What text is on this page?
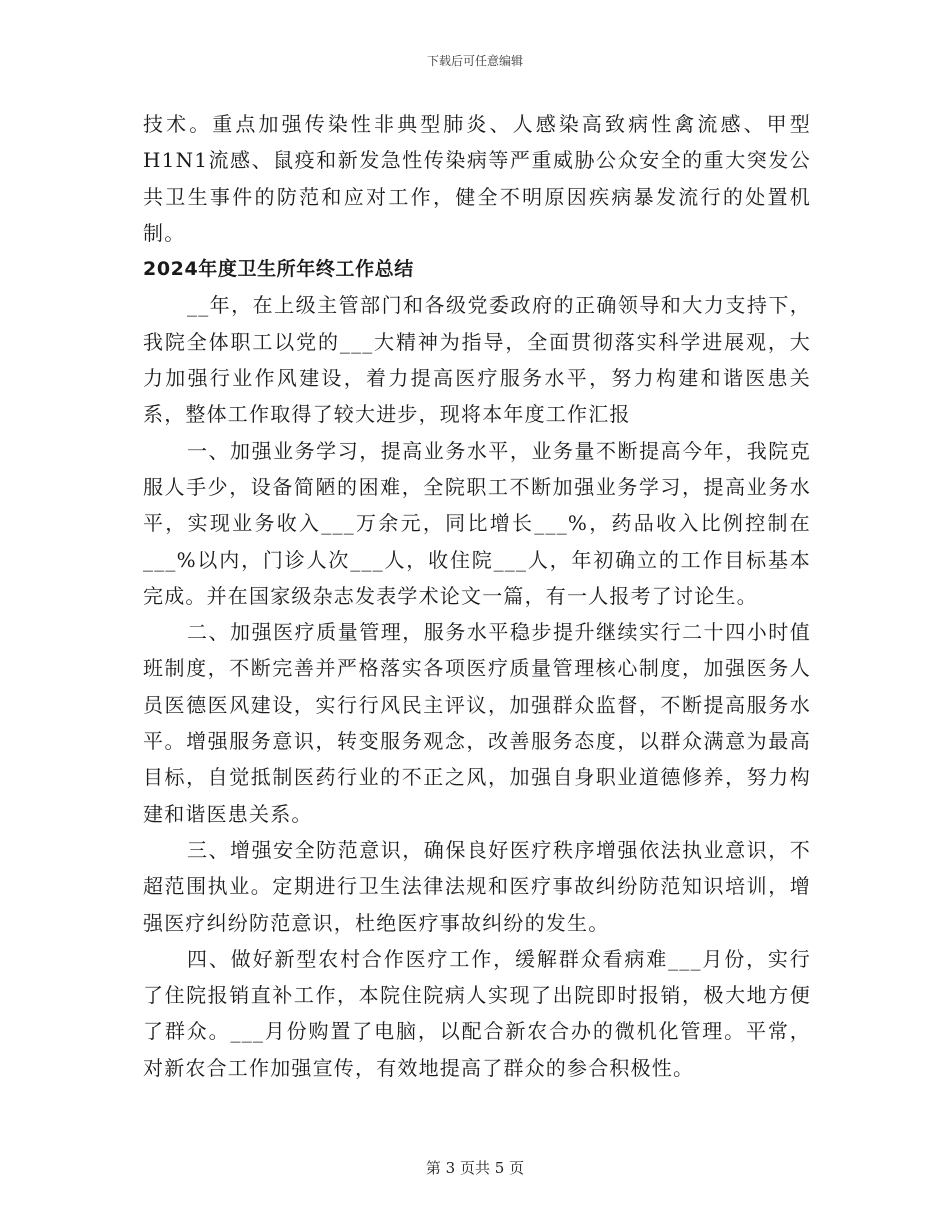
下载后可任意编辑

技术。重点加强传染性非典型肺炎、人感染高致病性禽流感、甲型H1N1流感、鼠疫和新发急性传染病等严重威胁公众安全的重大突发公共卫生事件的防范和应对工作，健全不明原因疾病暴发流行的处置机制。

2024年度卫生所年终工作总结

__年，在上级主管部门和各级党委政府的正确领导和大力支持下，我院全体职工以党的___大精神为指导，全面贯彻落实科学进展观，大力加强行业作风建设，着力提高医疗服务水平，努力构建和谐医患关系，整体工作取得了较大进步，现将本年度工作汇报

一、加强业务学习，提高业务水平，业务量不断提高今年，我院克服人手少，设备简陋的困难，全院职工不断加强业务学习，提高业务水平，实现业务收入___万余元，同比增长___%，药品收入比例控制在___%以内，门诊人次___人，收住院___人，年初确立的工作目标基本完成。并在国家级杂志发表学术论文一篇，有一人报考了讨论生。

二、加强医疗质量管理，服务水平稳步提升继续实行二十四小时值班制度，不断完善并严格落实各项医疗质量管理核心制度，加强医务人员医德医风建设，实行行风民主评议，加强群众监督，不断提高服务水平。增强服务意识，转变服务观念，改善服务态度，以群众满意为最高目标，自觉抵制医药行业的不正之风，加强自身职业道德修养，努力构建和谐医患关系。

三、增强安全防范意识，确保良好医疗秩序增强依法执业意识，不超范围执业。定期进行卫生法律法规和医疗事故纠纷防范知识培训，增强医疗纠纷防范意识，杜绝医疗事故纠纷的发生。

四、做好新型农村合作医疗工作，缓解群众看病难___月份，实行了住院报销直补工作，本院住院病人实现了出院即时报销，极大地方便了群众。___月份购置了电脑，以配合新农合办的微机化管理。平常，对新农合工作加强宣传，有效地提高了群众的参合积极性。

第 3 页共 5 页
